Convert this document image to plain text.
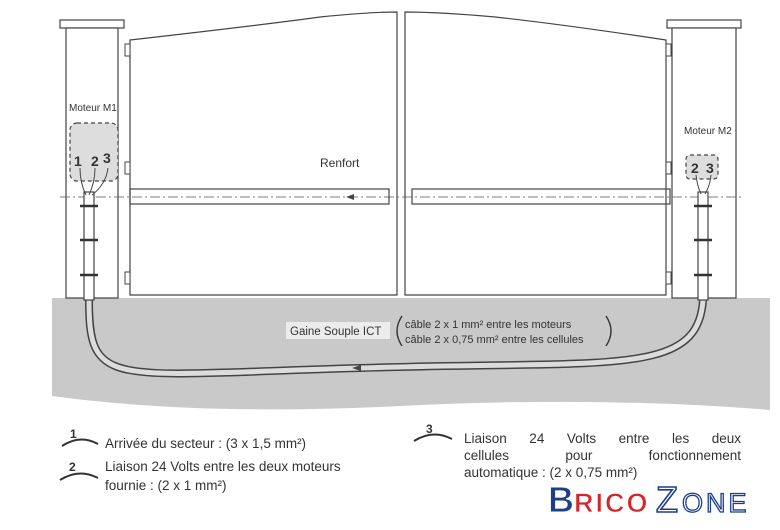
Moteur M1
Moteur M2
Renfort
1 2 3
2 3
Gaine Souple ICT
câble 2 x 1 mm² entre les moteurs
câble 2 x 0,75 mm² entre les cellules
1
Arrivée du secteur : (3 x 1,5 mm²)
2 Liaison 24 Volts entre les deux moteurs
fournie : (2 x 1 mm²)
3
Liaison 24 Volts entre les deux
cellules pour fonctionnement
automatique : (2 x 0,75 mm²)
B RICO Z ONE
